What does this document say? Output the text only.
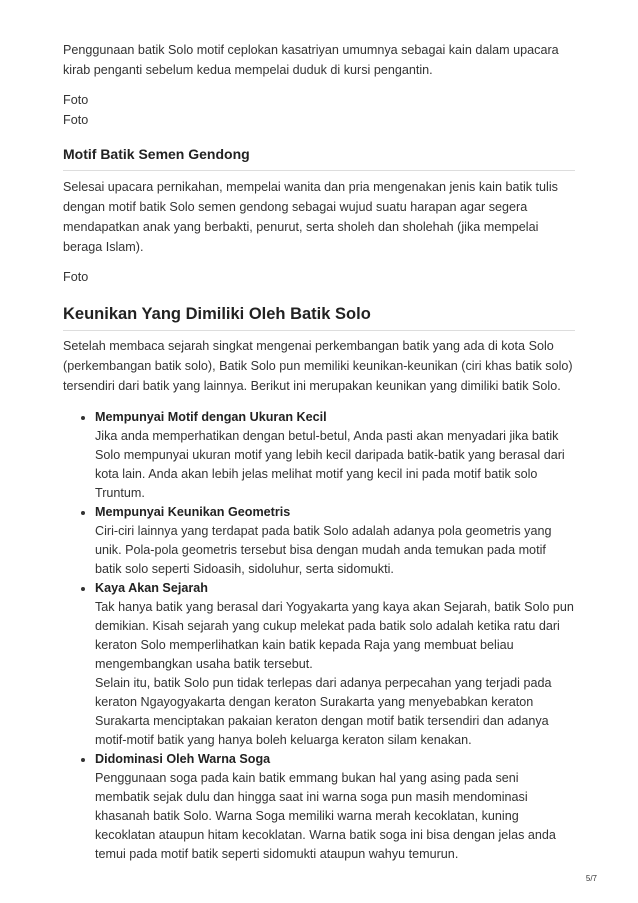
Penggunaan batik Solo motif ceplokan kasatriyan umumnya sebagai kain dalam upacara kirab penganti sebelum kedua mempelai duduk di kursi pengantin.

Foto

Foto

Motif Batik Semen Gendong

Selesai upacara pernikahan, mempelai wanita dan pria mengenakan jenis kain batik tulis dengan motif batik Solo semen gendong sebagai wujud suatu harapan agar segera mendapatkan anak yang berbakti, penurut, serta sholeh dan sholehah (jika mempelai beraga Islam).

Foto

Keunikan Yang Dimiliki Oleh Batik Solo

Setelah membaca sejarah singkat mengenai perkembangan batik yang ada di kota Solo (perkembangan batik solo), Batik Solo pun memiliki keunikan-keunikan (ciri khas batik solo) tersendiri dari batik yang lainnya. Berikut ini merupakan keunikan yang dimiliki batik Solo.

• Mempunyai Motif dengan Ukuran Kecil
Jika anda memperhatikan dengan betul-betul, Anda pasti akan menyadari jika batik Solo mempunyai ukuran motif yang lebih kecil daripada batik-batik yang berasal dari kota lain. Anda akan lebih jelas melihat motif yang kecil ini pada motif batik solo Truntum.
• Mempunyai Keunikan Geometris
Ciri-ciri lainnya yang terdapat pada batik Solo adalah adanya pola geometris yang unik. Pola-pola geometris tersebut bisa dengan mudah anda temukan pada motif batik solo seperti Sidoasih, sidoluhur, serta sidomukti.
• Kaya Akan Sejarah
Tak hanya batik yang berasal dari Yogyakarta yang kaya akan Sejarah, batik Solo pun demikian. Kisah sejarah yang cukup melekat pada batik solo adalah ketika ratu dari keraton Solo memperlihatkan kain batik kepada Raja yang membuat beliau mengembangkan usaha batik tersebut.
Selain itu, batik Solo pun tidak terlepas dari adanya perpecahan yang terjadi pada keraton Ngayogyakarta dengan keraton Surakarta yang menyebabkan keraton Surakarta menciptakan pakaian keraton dengan motif batik tersendiri dan adanya motif-motif batik yang hanya boleh keluarga keraton silam kenakan.
• Didominasi Oleh Warna Soga
Penggunaan soga pada kain batik emmang bukan hal yang asing pada seni membatik sejak dulu dan hingga saat ini warna soga pun masih mendominasi khasanah batik Solo. Warna Soga memiliki warna merah kecoklatan, kuning kecoklatan ataupun hitam kecoklatan. Warna batik soga ini bisa dengan jelas anda temui pada motif batik seperti sidomukti ataupun wahyu temurun.
5/7
